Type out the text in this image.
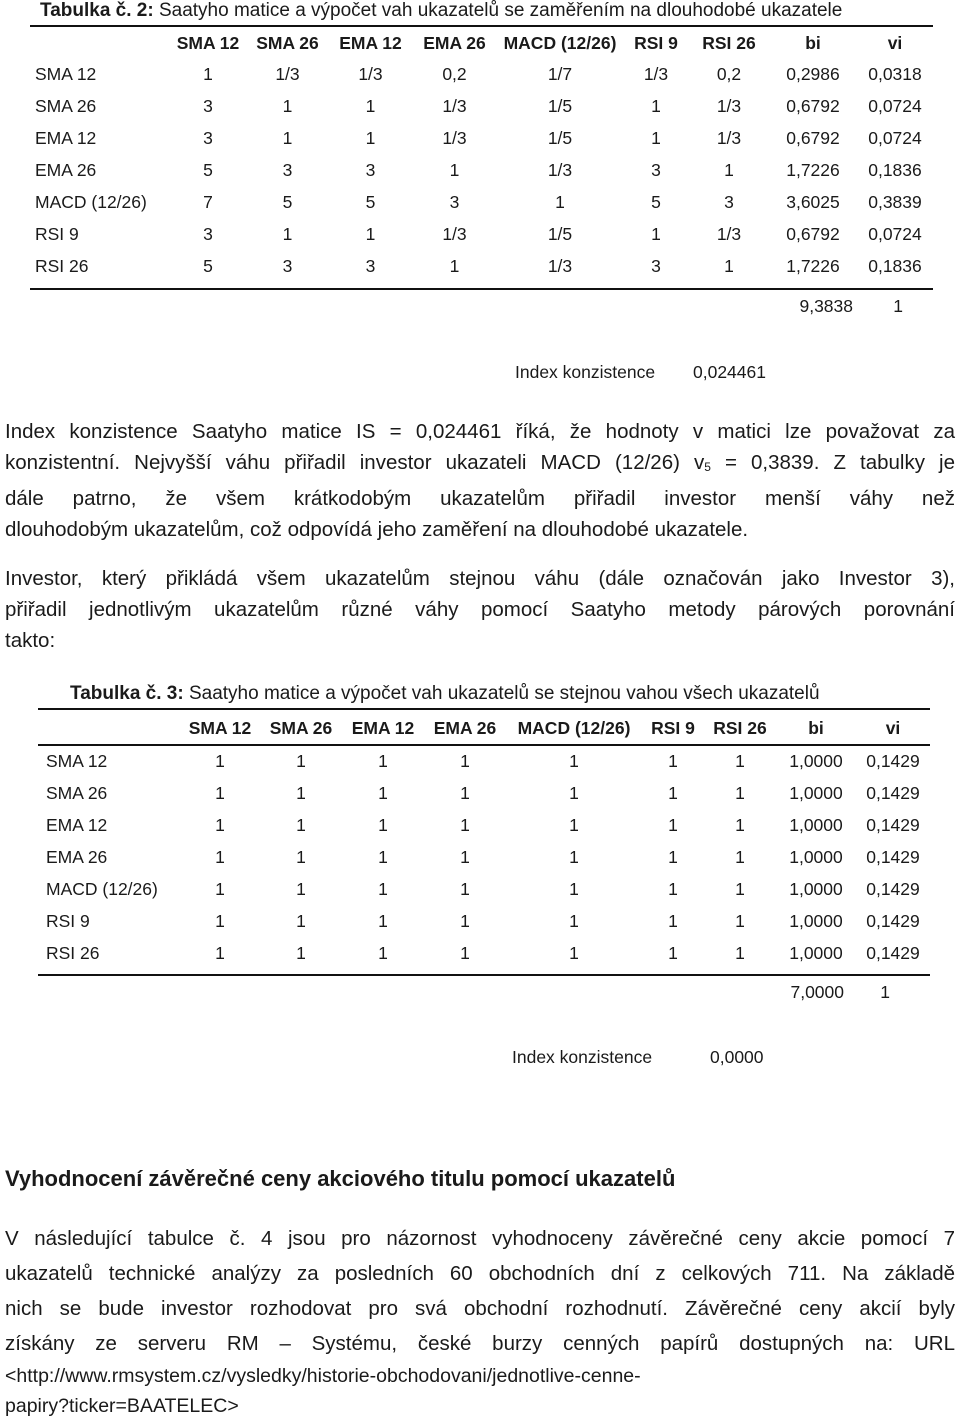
Tabulka č. 2: Saatyho matice a výpočet vah ukazatelů se zaměřením na dlouhodobé ukazatele
	SMA 12	SMA 26	EMA 12	EMA 26	MACD (12/26)	RSI 9	RSI 26	bi	vi
SMA 12	1	1/3	1/3	0,2	1/7	1/3	0,2	0,2986	0,0318
SMA 26	3	1	1	1/3	1/5	1	1/3	0,6792	0,0724
EMA 12	3	1	1	1/3	1/5	1	1/3	0,6792	0,0724
EMA 26	5	3	3	1	1/3	3	1	1,7226	0,1836
MACD (12/26)	7	5	5	3	1	5	3	3,6025	0,3839
RSI 9	3	1	1	1/3	1/5	1	1/3	0,6792	0,0724
RSI 26	5	3	3	1	1/3	3	1	1,7226	0,1836
9,3838 1
Index konzistence 0,024461
Index konzistence Saatyho matice IS = 0,024461 říká, že hodnoty v matici lze považovat za
konzistentní. Nejvyšší váhu přiřadil investor ukazateli MACD (12/26) $v_5 = 0,3839$. Z tabulky je
dále patrno, že všem krátkodobým ukazatelům přiřadil investor menší váhy než
dlouhodobým ukazatelům, což odpovídá jeho zaměření na dlouhodobé ukazatele.
Investor, který přikládá všem ukazatelům stejnou váhu (dále označován jako Investor 3),
přiřadil jednotlivým ukazatelům různé váhy pomocí Saatyho metody párových porovnání
takto:
Tabulka č. 3: Saatyho matice a výpočet vah ukazatelů se stejnou vahou všech ukazatelů
	SMA 12	SMA 26	EMA 12	EMA 26	MACD (12/26)	RSI 9	RSI 26	bi	vi
SMA 12	1	1	1	1	1	1	1	1,0000	0,1429
SMA 26	1	1	1	1	1	1	1	1,0000	0,1429
EMA 12	1	1	1	1	1	1	1	1,0000	0,1429
EMA 26	1	1	1	1	1	1	1	1,0000	0,1429
MACD (12/26)	1	1	1	1	1	1	1	1,0000	0,1429
RSI 9	1	1	1	1	1	1	1	1,0000	0,1429
RSI 26	1	1	1	1	1	1	1	1,0000	0,1429
7,0000 1
Index konzistence	0,0000
Vyhodnocení závěrečné ceny akciového titulu pomocí ukazatelů
V následující tabulce č. 4 jsou pro názornost vyhodnoceny závěrečné ceny akcie pomocí 7
ukazatelů technické analýzy za posledních 60 obchodních dní z celkových 711. Na základě
nich se bude investor rozhodovat pro svá obchodní rozhodnutí. Závěrečné ceny akcií byly
získány ze serveru RM – Systému, české burzy cenných papírů dostupných na: URL
<http://www.rmsystem.cz/vysledky/historie-obchodovani/jednotlive-cenne-
papiry?ticker=BAATELEC>
